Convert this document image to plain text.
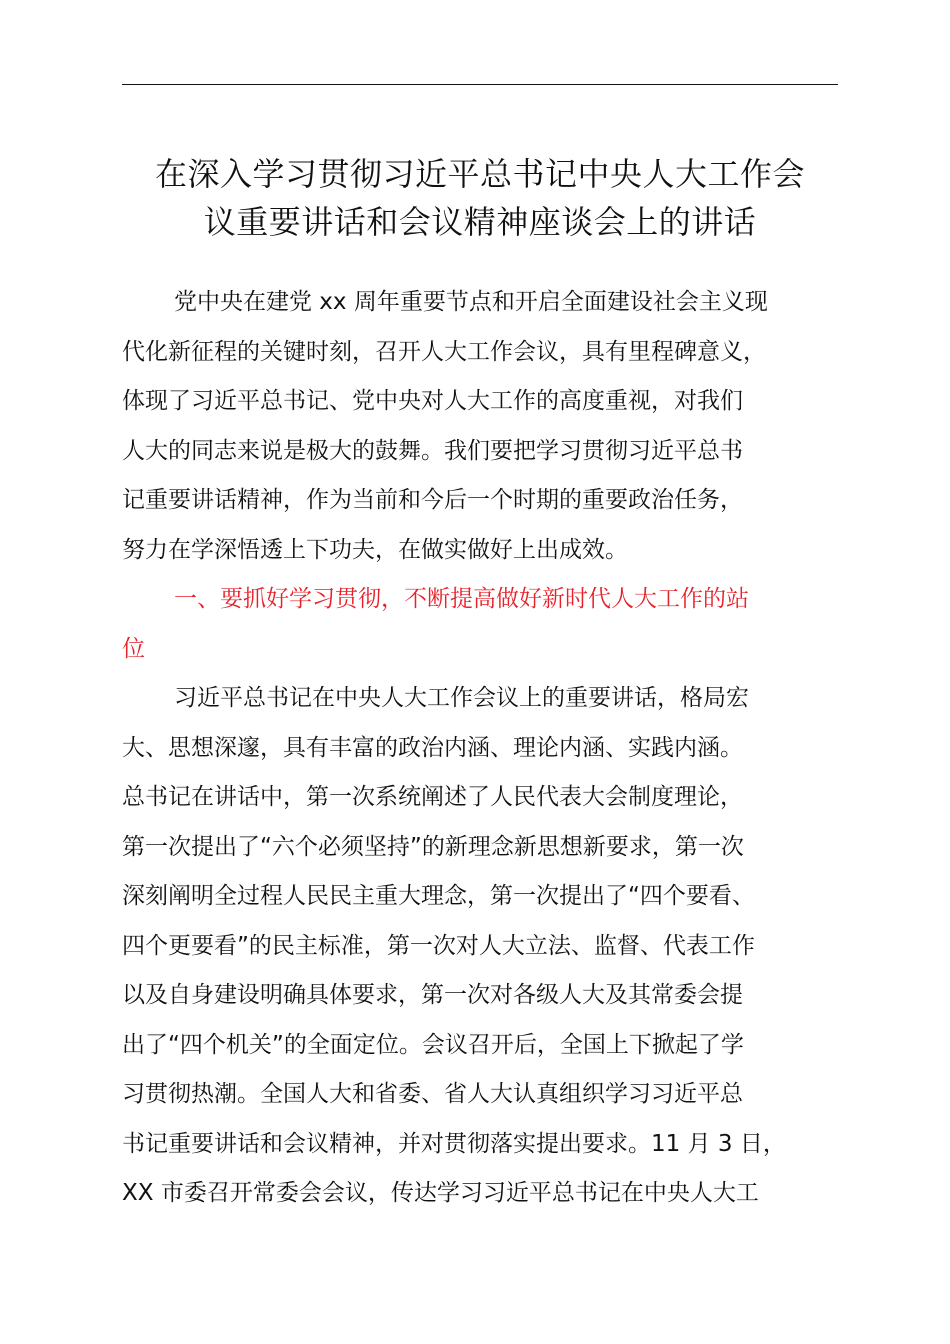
在深入学习贯彻习近平总书记中央人大工作会
议重要讲话和会议精神座谈会上的讲话
党中央在建党 xx 周年重要节点和开启全面建设社会主义现
代化新征程的关键时刻，召开人大工作会议，具有里程碑意义，
体现了习近平总书记、党中央对人大工作的高度重视，对我们
人大的同志来说是极大的鼓舞。我们要把学习贯彻习近平总书
记重要讲话精神，作为当前和今后一个时期的重要政治任务，
努力在学深悟透上下功夫，在做实做好上出成效。
一、要抓好学习贯彻，不断提高做好新时代人大工作的站
位
习近平总书记在中央人大工作会议上的重要讲话，格局宏
大、思想深邃，具有丰富的政治内涵、理论内涵、实践内涵。
总书记在讲话中，第一次系统阐述了人民代表大会制度理论，
第一次提出了“六个必须坚持”的新理念新思想新要求，第一次
深刻阐明全过程人民民主重大理念，第一次提出了“四个要看、
四个更要看”的民主标准，第一次对人大立法、监督、代表工作
以及自身建设明确具体要求，第一次对各级人大及其常委会提
出了“四个机关”的全面定位。会议召开后，全国上下掀起了学
习贯彻热潮。全国人大和省委、省人大认真组织学习习近平总
书记重要讲话和会议精神，并对贯彻落实提出要求。11 月 3 日，
XX 市委召开常委会会议，传达学习习近平总书记在中央人大工
